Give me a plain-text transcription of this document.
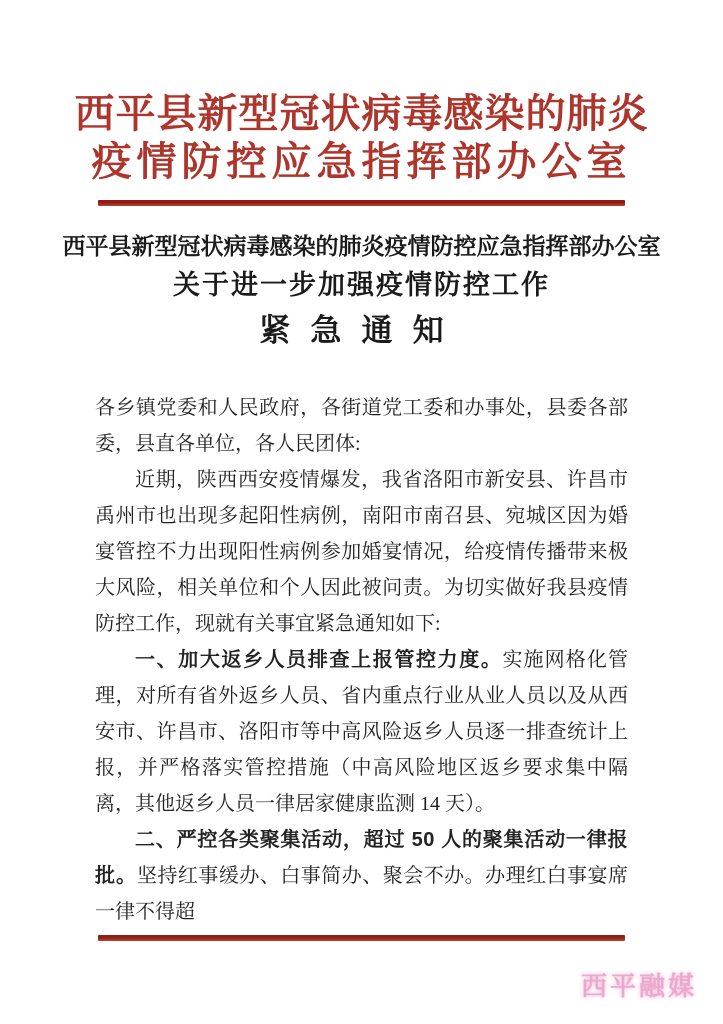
西平县新型冠状病毒感染的肺炎
疫情防控应急指挥部办公室
西平县新型冠状病毒感染的肺炎疫情防控应急指挥部办公室
关于进一步加强疫情防控工作
紧急通知

各乡镇党委和人民政府，各街道党工委和办事处，县委各部委，县直各单位，各人民团体:

近期，陕西西安疫情爆发，我省洛阳市新安县、许昌市禹州市也出现多起阳性病例，南阳市南召县、宛城区因为婚宴管控不力出现阳性病例参加婚宴情况，给疫情传播带来极大风险，相关单位和个人因此被问责。为切实做好我县疫情防控工作，现就有关事宜紧急通知如下:

一、加大返乡人员排查上报管控力度。实施网格化管理，对所有省外返乡人员、省内重点行业从业人员以及从西安市、许昌市、洛阳市等中高风险返乡人员逐一排查统计上报，并严格落实管控措施（中高风险地区返乡要求集中隔离，其他返乡人员一律居家健康监测 14 天）。

二、严控各类聚集活动，超过 50 人的聚集活动一律报批。坚持红事缓办、白事简办、聚会不办。办理红白事宴席一律不得超

西平融媒
